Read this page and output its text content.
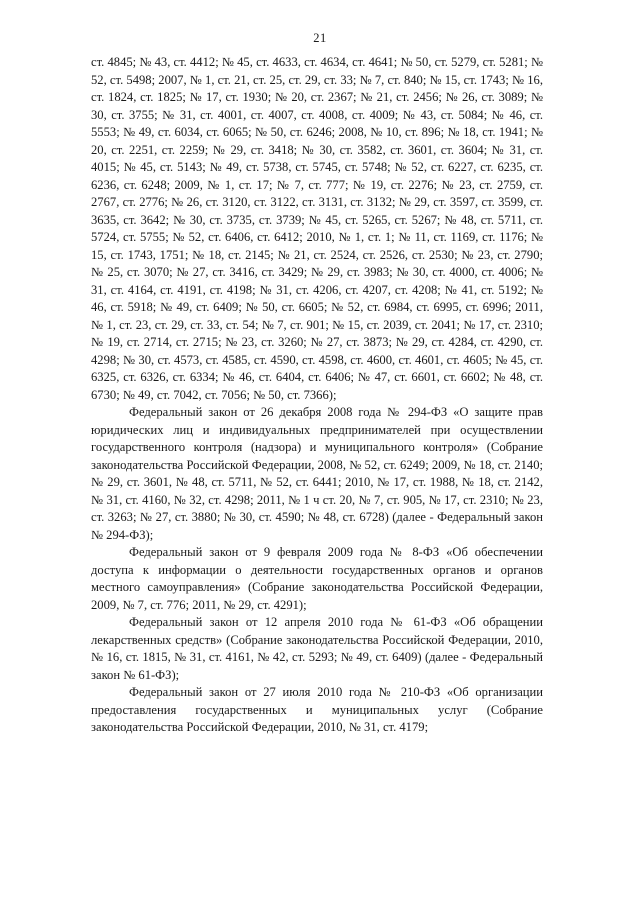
21

ст. 4845; № 43, ст. 4412; № 45, ст. 4633, ст. 4634, ст. 4641; № 50, ст. 5279, ст. 5281; № 52, ст. 5498; 2007, № 1, ст. 21, ст. 25, ст. 29, ст. 33; № 7, ст. 840; № 15, ст. 1743; № 16, ст. 1824, ст. 1825; № 17, ст. 1930; № 20, ст. 2367; № 21, ст. 2456; № 26, ст. 3089; № 30, ст. 3755; № 31, ст. 4001, ст. 4007, ст. 4008, ст. 4009; № 43, ст. 5084; № 46, ст. 5553; № 49, ст. 6034, ст. 6065; № 50, ст. 6246; 2008, № 10, ст. 896; № 18, ст. 1941; № 20, ст. 2251, ст. 2259; № 29, ст. 3418; № 30, ст. 3582, ст. 3601, ст. 3604; № 31, ст. 4015; № 45, ст. 5143; № 49, ст. 5738, ст. 5745, ст. 5748; № 52, ст. 6227, ст. 6235, ст. 6236, ст. 6248; 2009, № 1, ст. 17; № 7, ст. 777; № 19, ст. 2276; № 23, ст. 2759, ст. 2767, ст. 2776; № 26, ст. 3120, ст. 3122, ст. 3131, ст. 3132; № 29, ст. 3597, ст. 3599, ст. 3635, ст. 3642; № 30, ст. 3735, ст. 3739; № 45, ст. 5265, ст. 5267; № 48, ст. 5711, ст. 5724, ст. 5755; № 52, ст. 6406, ст. 6412; 2010, № 1, ст. 1; № 11, ст. 1169, ст. 1176; № 15, ст. 1743, 1751; № 18, ст. 2145; № 21, ст. 2524, ст. 2526, ст. 2530; № 23, ст. 2790; № 25, ст. 3070; № 27, ст. 3416, ст. 3429; № 29, ст. 3983; № 30, ст. 4000, ст. 4006; № 31, ст. 4164, ст. 4191, ст. 4198; № 31, ст. 4206, ст. 4207, ст. 4208; № 41, ст. 5192; № 46, ст. 5918; № 49, ст. 6409; № 50, ст. 6605; № 52, ст. 6984, ст. 6995, ст. 6996; 2011, № 1, ст. 23, ст. 29, ст. 33, ст. 54; № 7, ст. 901; № 15, ст. 2039, ст. 2041; № 17, ст. 2310; № 19, ст. 2714, ст. 2715; № 23, ст. 3260; № 27, ст. 3873; № 29, ст. 4284, ст. 4290, ст. 4298; № 30, ст. 4573, ст. 4585, ст. 4590, ст. 4598, ст. 4600, ст. 4601, ст. 4605; № 45, ст. 6325, ст. 6326, ст. 6334; № 46, ст. 6404, ст. 6406; № 47, ст. 6601, ст. 6602; № 48, ст. 6730; № 49, ст. 7042, ст. 7056; № 50, ст. 7366);

Федеральный закон от 26 декабря 2008 года № 294-ФЗ «О защите прав юридических лиц и индивидуальных предпринимателей при осуществлении государственного контроля (надзора) и муниципального контроля» (Собрание законодательства Российской Федерации, 2008, № 52, ст. 6249; 2009, № 18, ст. 2140; № 29, ст. 3601, № 48, ст. 5711, № 52, ст. 6441; 2010, № 17, ст. 1988, № 18, ст. 2142, № 31, ст. 4160, № 32, ст. 4298; 2011, № 1 ч ст. 20, № 7, ст. 905, № 17, ст. 2310; № 23, ст. 3263; № 27, ст. 3880; № 30, ст. 4590; № 48, ст. 6728) (далее - Федеральный закон № 294-ФЗ);

Федеральный закон от 9 февраля 2009 года № 8-ФЗ «Об обеспечении доступа к информации о деятельности государственных органов и органов местного самоуправления» (Собрание законодательства Российской Федерации, 2009, № 7, ст. 776; 2011, № 29, ст. 4291);

Федеральный закон от 12 апреля 2010 года № 61-ФЗ «Об обращении лекарственных средств» (Собрание законодательства Российской Федерации, 2010, № 16, ст. 1815, № 31, ст. 4161, № 42, ст. 5293; № 49, ст. 6409) (далее - Федеральный закон № 61-ФЗ);

Федеральный закон от 27 июля 2010 года № 210-ФЗ «Об организации предоставления государственных и муниципальных услуг (Собрание законодательства Российской Федерации, 2010, № 31, ст. 4179;
